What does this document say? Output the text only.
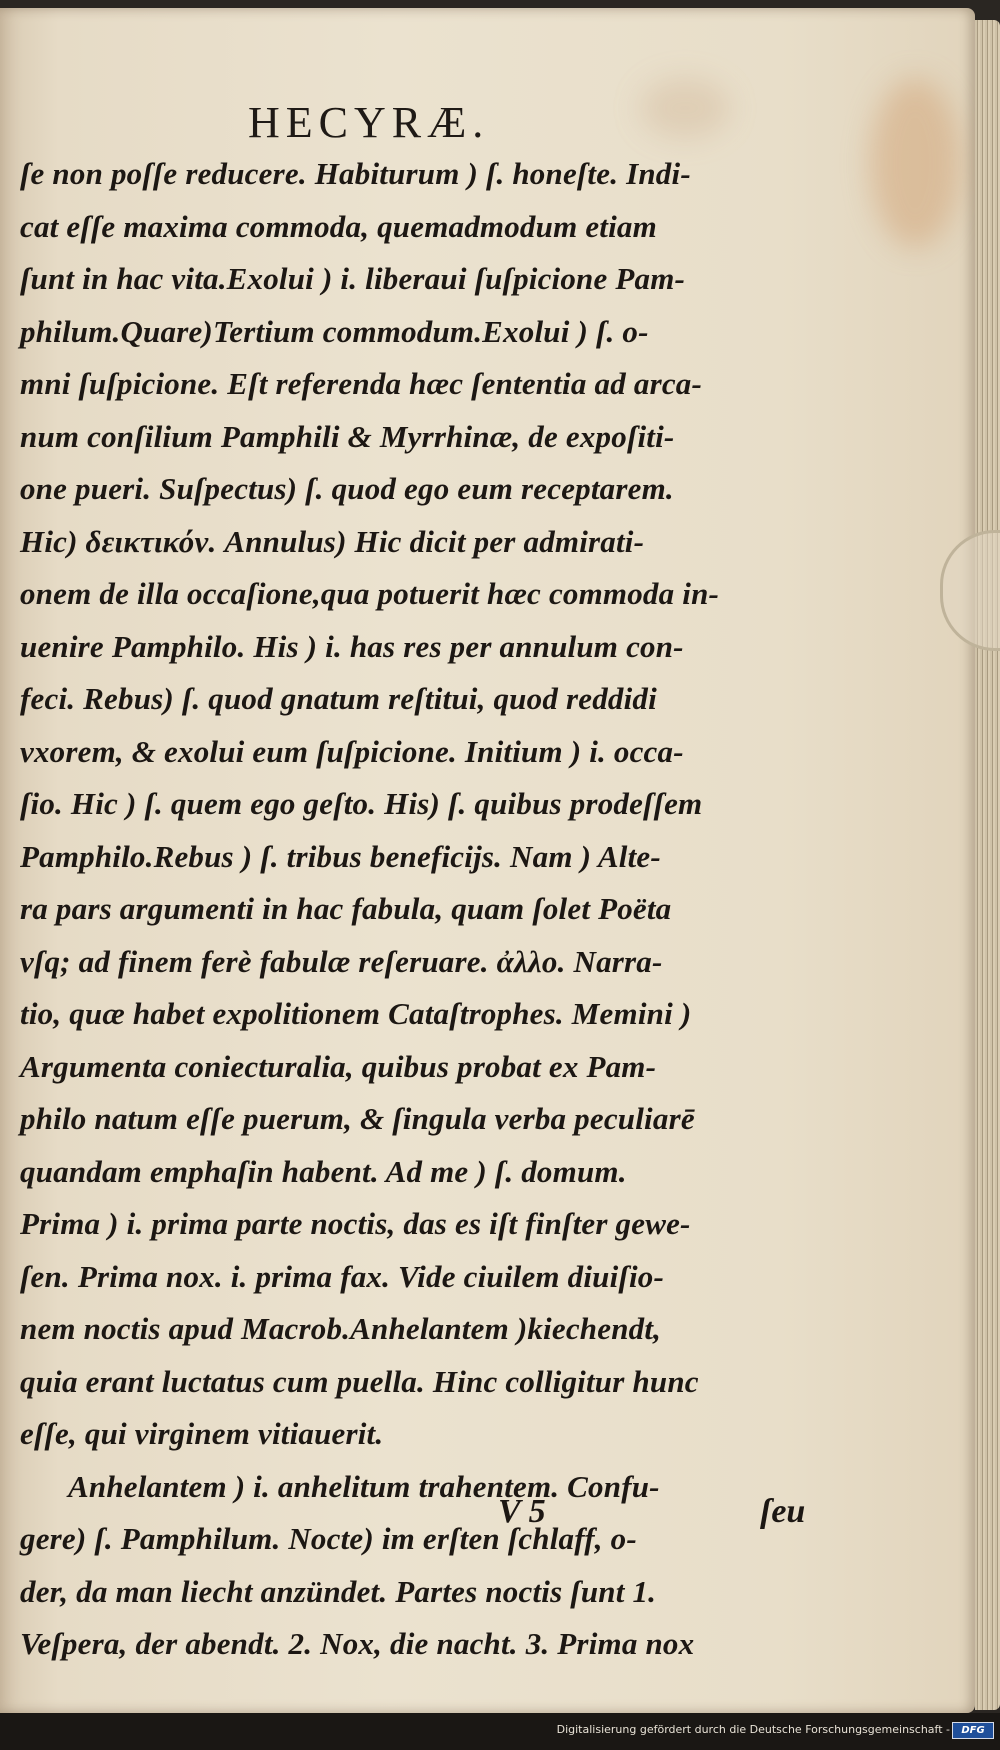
HECYRÆ.
ſe non poſſe reducere. Habiturum ) ſ. honeſte. Indi-
cat eſſe maxima commoda, quemadmodum etiam
ſunt in hac vita.Exolui ) i. liberaui ſuſpicione Pam-
philum.Quare)Tertium commodum.Exolui ) ſ. o-
mni ſuſpicione. Eſt referenda hæc ſententia ad arca-
num conſilium Pamphili & Myrrhinæ, de expoſiti-
one pueri. Suſpectus) ſ. quod ego eum receptarem.
Hic) δεικτικόν. Annulus) Hic dicit per admirati-
onem de illa occaſione,qua potuerit hæc commoda in-
uenire Pamphilo. His ) i. has res per annulum con-
feci. Rebus) ſ. quod gnatum reſtitui, quod reddidi
vxorem, & exolui eum ſuſpicione. Initium ) i. occa-
ſio. Hic ) ſ. quem ego geſto. His) ſ. quibus prodeſſem
Pamphilo.Rebus ) ſ. tribus beneficijs. Nam ) Alte-
ra pars argumenti in hac fabula, quam ſolet Poëta
vſq; ad finem ferè fabulæ reſeruare. ἀλλο. Narra-
tio, quæ habet expolitionem Cataſtrophes. Memini )
Argumenta coniecturalia, quibus probat ex Pam-
philo natum eſſe puerum, & ſingula verba peculiarē
quandam emphaſin habent. Ad me ) ſ. domum.
Prima ) i. prima parte noctis, das es iſt finſter gewe-
ſen. Prima nox. i. prima fax. Vide ciuilem diuiſio-
nem noctis apud Macrob.Anhelantem )kiechendt,
quia erant luctatus cum puella. Hinc colligitur hunc
eſſe, qui virginem vitiauerit.
Anhelantem ) i. anhelitum trahentem. Confu-
gere) ſ. Pamphilum. Nocte) im erſten ſchlaff, o-
der, da man liecht anzündet. Partes noctis ſunt 1.
Veſpera, der abendt. 2. Nox, die nacht. 3. Prima nox
V 5	ſeu
Digitalisierung gefördert durch die Deutsche Forschungsgemeinschaft -	DFG
